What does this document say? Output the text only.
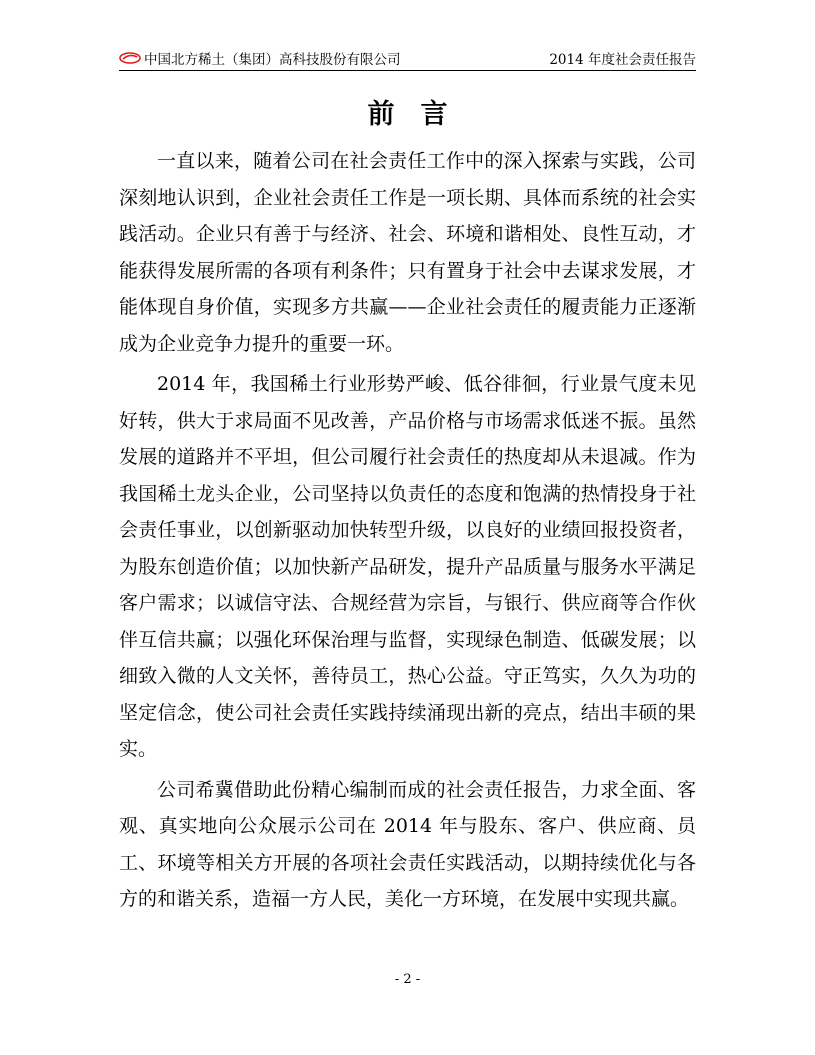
中国北方稀土（集团）高科技股份有限公司	2014 年度社会责任报告
前言

一直以来，随着公司在社会责任工作中的深入探索与实践，公司深刻地认识到，企业社会责任工作是一项长期、具体而系统的社会实践活动。企业只有善于与经济、社会、环境和谐相处、良性互动，才能获得发展所需的各项有利条件；只有置身于社会中去谋求发展，才能体现自身价值，实现多方共赢——企业社会责任的履责能力正逐渐成为企业竞争力提升的重要一环。

2014 年，我国稀土行业形势严峻、低谷徘徊，行业景气度未见好转，供大于求局面不见改善，产品价格与市场需求低迷不振。虽然发展的道路并不平坦，但公司履行社会责任的热度却从未退减。作为我国稀土龙头企业，公司坚持以负责任的态度和饱满的热情投身于社会责任事业，以创新驱动加快转型升级，以良好的业绩回报投资者，为股东创造价值；以加快新产品研发，提升产品质量与服务水平满足客户需求；以诚信守法、合规经营为宗旨，与银行、供应商等合作伙伴互信共赢；以强化环保治理与监督，实现绿色制造、低碳发展；以细致入微的人文关怀，善待员工，热心公益。守正笃实，久久为功的坚定信念，使公司社会责任实践持续涌现出新的亮点，结出丰硕的果实。

公司希冀借助此份精心编制而成的社会责任报告，力求全面、客观、真实地向公众展示公司在 2014 年与股东、客户、供应商、员工、环境等相关方开展的各项社会责任实践活动，以期持续优化与各方的和谐关系，造福一方人民，美化一方环境，在发展中实现共赢。

- 2 -
